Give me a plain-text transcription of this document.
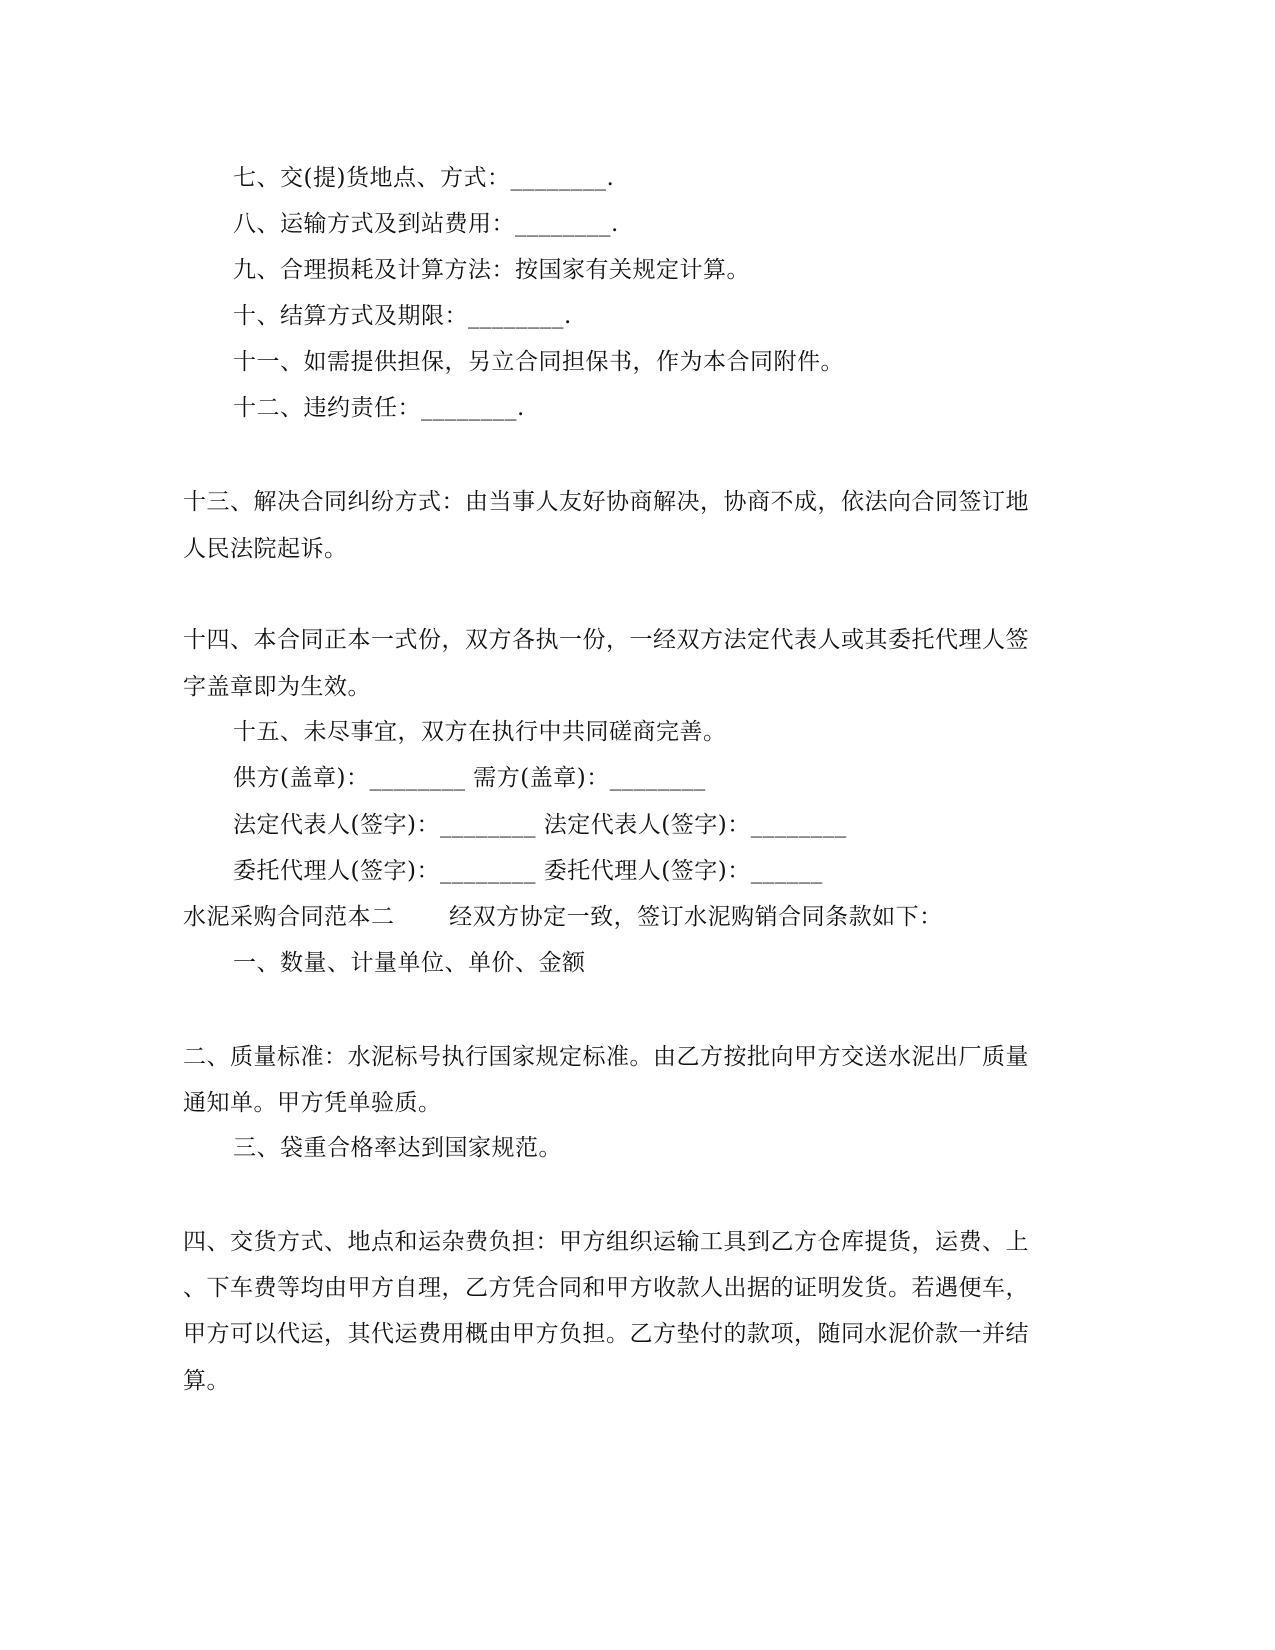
七、交(提)货地点、方式：________.
八、运输方式及到站费用：________.
九、合理损耗及计算方法：按国家有关规定计算。
十、结算方式及期限：________.
十一、如需提供担保，另立合同担保书，作为本合同附件。
十二、违约责任：________.
十三、解决合同纠纷方式：由当事人友好协商解决，协商不成，依法向合同签订地
人民法院起诉。
十四、本合同正本一式份，双方各执一份，一经双方法定代表人或其委托代理人签
字盖章即为生效。
十五、未尽事宜，双方在执行中共同磋商完善。
供方(盖章)：________ 需方(盖章)：________
法定代表人(签字)：________ 法定代表人(签字)：________
委托代理人(签字)：________ 委托代理人(签字)：______
水泥采购合同范本二       经双方协定一致，签订水泥购销合同条款如下：
一、数量、计量单位、单价、金额
二、质量标准：水泥标号执行国家规定标准。由乙方按批向甲方交送水泥出厂质量
通知单。甲方凭单验质。
三、袋重合格率达到国家规范。
四、交货方式、地点和运杂费负担：甲方组织运输工具到乙方仓库提货，运费、上
、下车费等均由甲方自理，乙方凭合同和甲方收款人出据的证明发货。若遇便车，
甲方可以代运，其代运费用概由甲方负担。乙方垫付的款项，随同水泥价款一并结
算。
